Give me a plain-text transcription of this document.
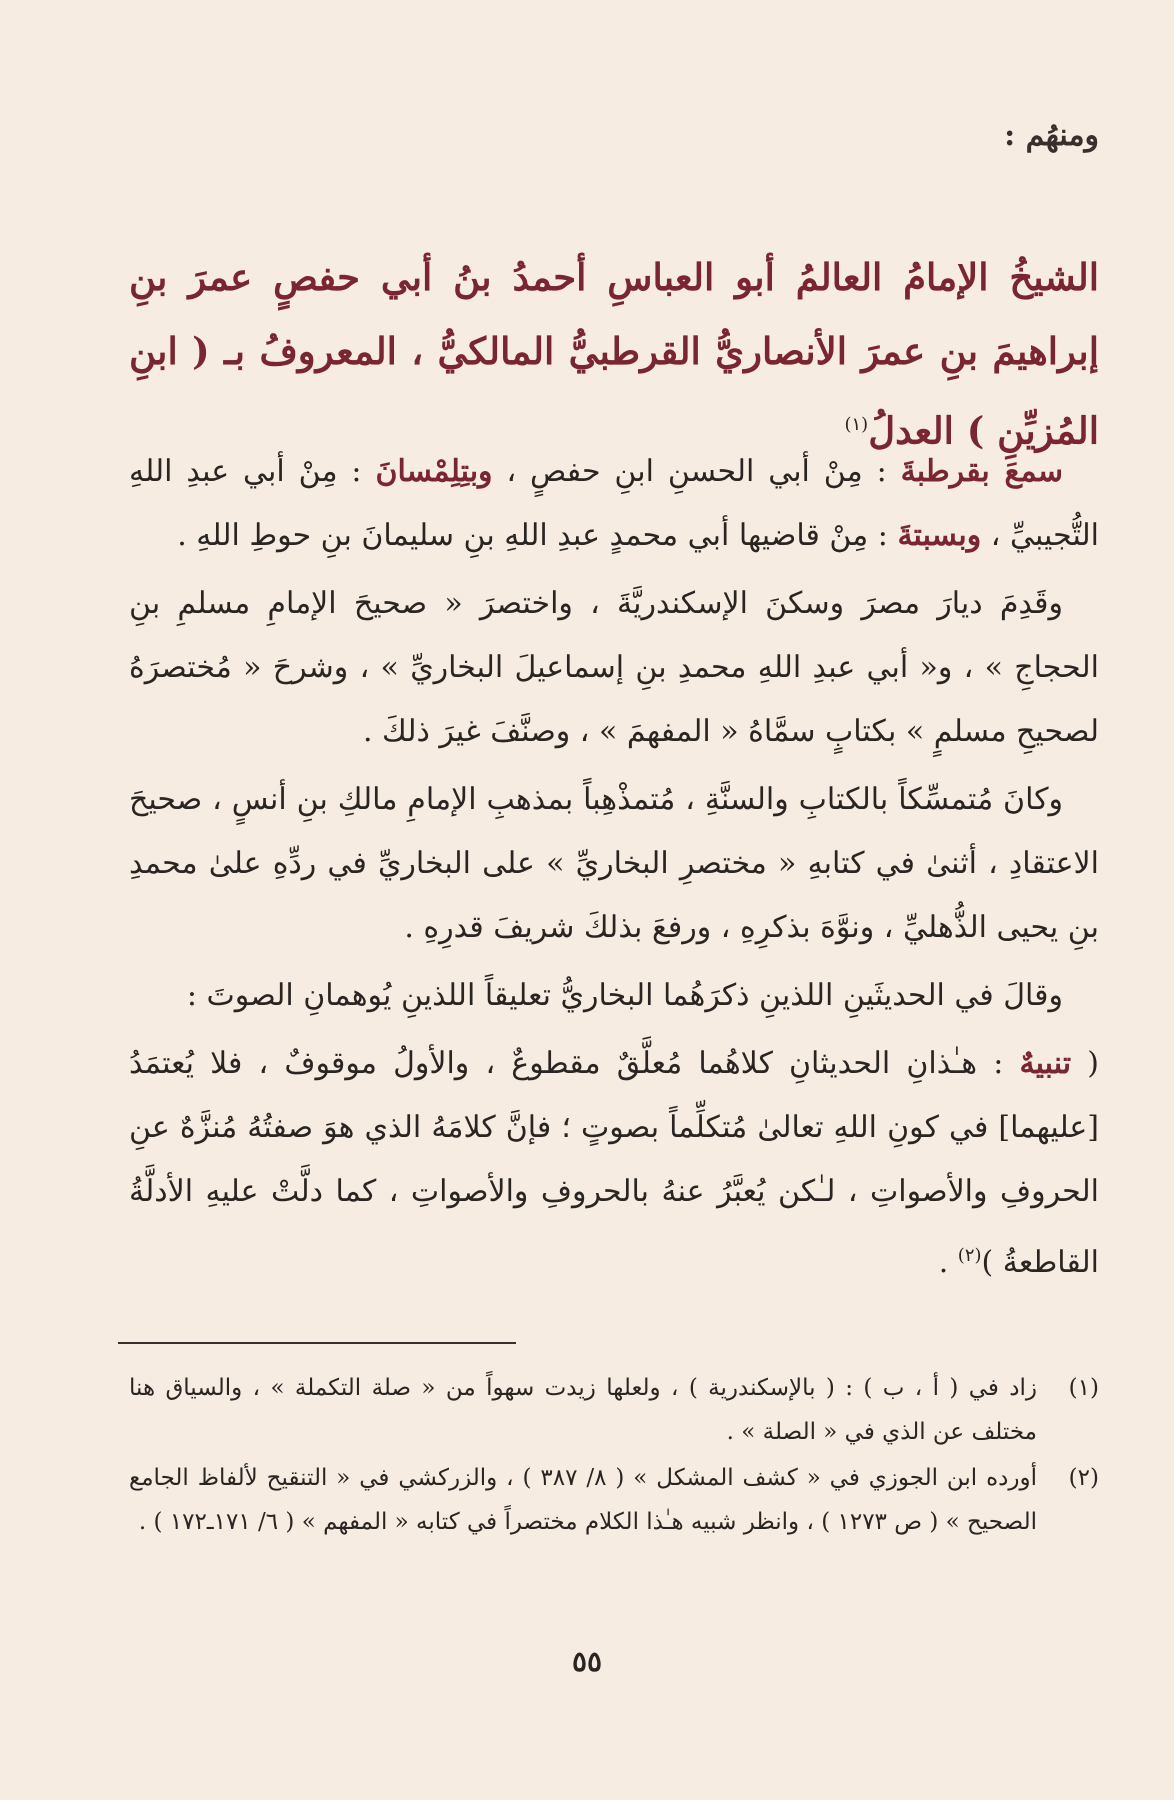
ومنهُم :
الشيخُ الإمامُ العالمُ أبو العباسِ أحمدُ بنُ أبي حفصٍ عمرَ بنِ إبراهيمَ بنِ عمرَ الأنصاريُّ القرطبيُّ المالكيُّ ، المعروفُ بـ ( ابنِ المُزيِّنِ ) العدلُ$^{(١)}$

سمعَ بقرطبةَ : مِنْ أبي الحسنِ ابنِ حفصٍ ، وبتِلِمْسانَ : مِنْ أبي عبدِ اللهِ التُّجيبيِّ ، وبسبتةَ : مِنْ قاضيها أبي محمدٍ عبدِ اللهِ بنِ سليمانَ بنِ حوطِ اللهِ .

وقَدِمَ ديارَ مصرَ وسكنَ الإسكندريَّةَ ، واختصرَ « صحيحَ الإمامِ مسلمِ بنِ الحجاجِ » ، و« أبي عبدِ اللهِ محمدِ بنِ إسماعيلَ البخاريِّ » ، وشرحَ « مُختصرَهُ لصحيحِ مسلمٍ » بكتابٍ سمَّاهُ « المفهمَ » ، وصنَّفَ غيرَ ذلكَ .

وكانَ مُتمسِّكاً بالكتابِ والسنَّةِ ، مُتمذْهِباً بمذهبِ الإمامِ مالكِ بنِ أنسٍ ، صحيحَ الاعتقادِ ، أثنىٰ في كتابهِ « مختصرِ البخاريِّ » على البخاريِّ في ردِّهِ علىٰ محمدِ بنِ يحيى الذُّهليِّ ، ونوَّهَ بذكرِهِ ، ورفعَ بذلكَ شريفَ قدرِهِ .

وقالَ في الحديثَينِ اللذينِ ذكرَهُما البخاريُّ تعليقاً اللذينِ يُوهمانِ الصوتَ :

( تنبيهٌ : هـٰذانِ الحديثانِ كلاهُما مُعلَّقٌ مقطوعٌ ، والأولُ موقوفٌ ، فلا يُعتمَدُ [عليهما] في كونِ اللهِ تعالىٰ مُتكلِّماً بصوتٍ ؛ فإنَّ كلامَهُ الذي هوَ صفتُهُ مُنزَّهٌ عنِ الحروفِ والأصواتِ ، لـٰكن يُعبَّرُ عنهُ بالحروفِ والأصواتِ ، كما دلَّتْ عليهِ الأدلَّةُ القاطعةُ )$^{(٢)}$ .

(١)
زاد في ( أ ، ب ) : ( بالإسكندرية ) ، ولعلها زيدت سهواً من « صلة التكملة » ، والسياق هنا مختلف عن الذي في « الصلة » .
(٢)
أورده ابن الجوزي في « كشف المشكل » ( ٨/ ٣٨٧ ) ، والزركشي في « التنقيح لألفاظ الجامع الصحيح » ( ص ١٢٧٣ ) ، وانظر شبيه هـٰذا الكلام مختصراً في كتابه « المفهم » ( ٦/ ١٧١ـ١٧٢ ) .
٥٥
